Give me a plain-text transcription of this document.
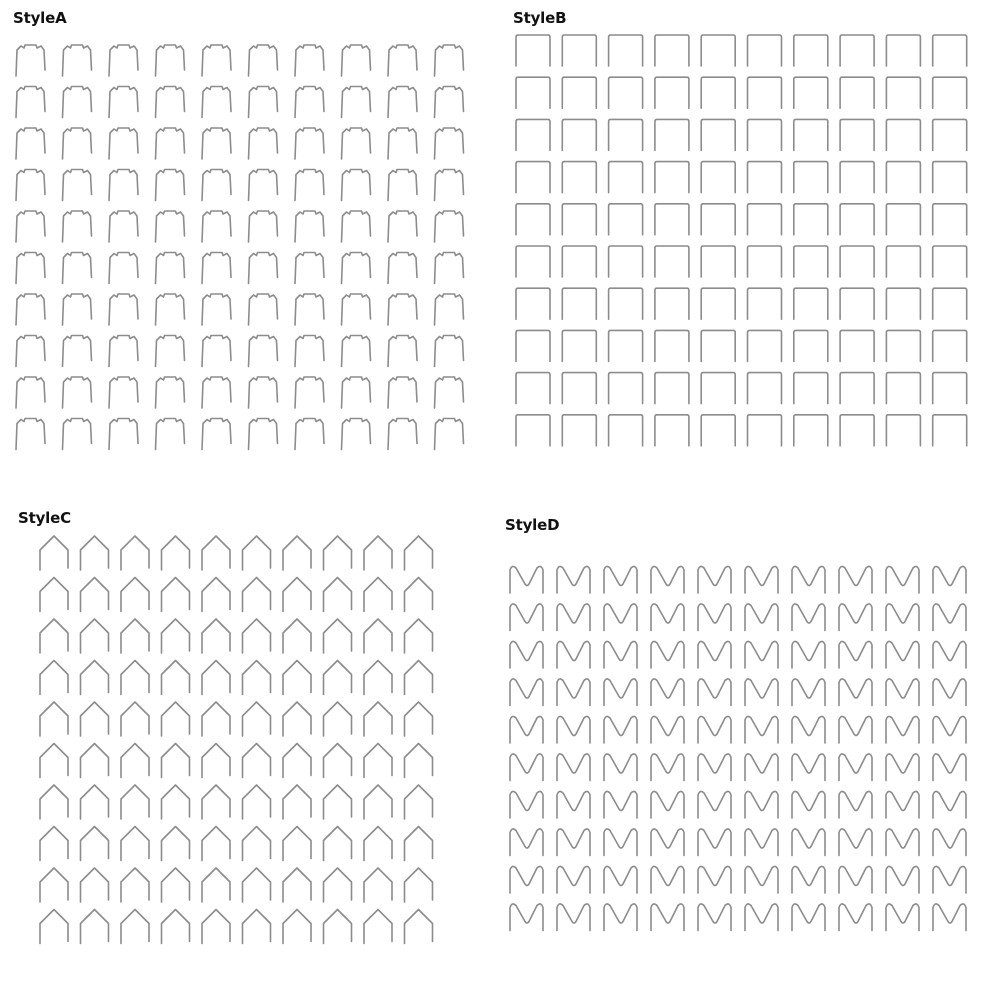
StyleA	StyleB
StyleC	StyleD
